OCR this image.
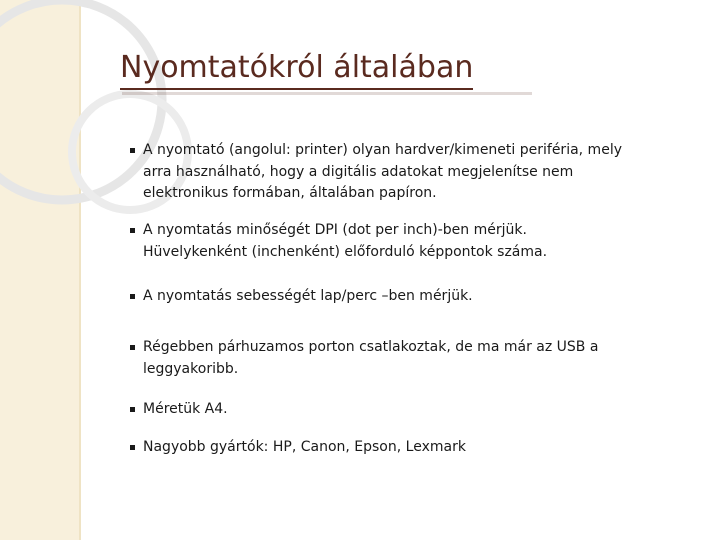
Nyomtatókról általában
A nyomtató (angolul: printer) olyan hardver/kimeneti periféria, mely
arra használható, hogy a digitális adatokat megjelenítse nem
elektronikus formában, általában papíron.
A nyomtatás minőségét DPI (dot per inch)-ben mérjük.
Hüvelykenként (inchenként) előforduló képpontok száma.
A nyomtatás sebességét lap/perc –ben mérjük.
Régebben párhuzamos porton csatlakoztak, de ma már az USB a
leggyakoribb.
Méretük A4.
Nagyobb gyártók: HP, Canon, Epson, Lexmark
